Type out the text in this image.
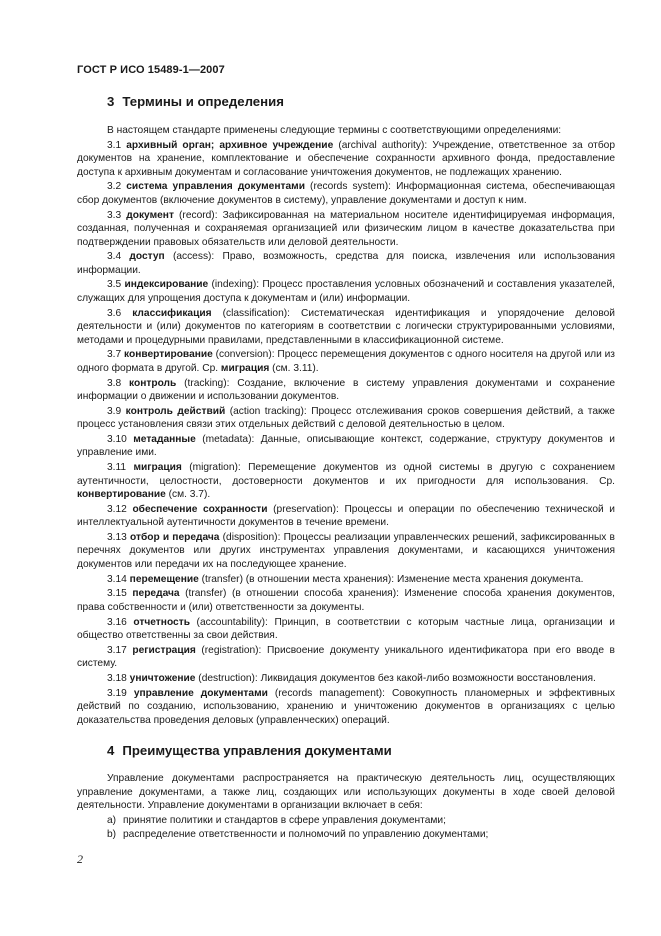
ГОСТ Р ИСО 15489-1—2007
3 Термины и определения

В настоящем стандарте применены следующие термины с соответствующими определениями:

3.1 архивный орган; архивное учреждение (archival authority): Учреждение, ответственное за отбор документов на хранение, комплектование и обеспечение сохранности архивного фонда, предоставление доступа к архивным документам и согласование уничтожения документов, не подлежащих хранению.

3.2 система управления документами (records system): Информационная система, обеспечивающая сбор документов (включение документов в систему), управление документами и доступ к ним.

3.3 документ (record): Зафиксированная на материальном носителе идентифицируемая информация, созданная, полученная и сохраняемая организацией или физическим лицом в качестве доказательства при подтверждении правовых обязательств или деловой деятельности.

3.4 доступ (access): Право, возможность, средства для поиска, извлечения или использования информации.

3.5 индексирование (indexing): Процесс проставления условных обозначений и составления указателей, служащих для упрощения доступа к документам и (или) информации.

3.6 классификация (classification): Систематическая идентификация и упорядочение деловой деятельности и (или) документов по категориям в соответствии с логически структурированными условиями, методами и процедурными правилами, представленными в классификационной системе.

3.7 конвертирование (conversion): Процесс перемещения документов с одного носителя на другой или из одного формата в другой. Ср. миграция (см. 3.11).

3.8 контроль (tracking): Создание, включение в систему управления документами и сохранение информации о движении и использовании документов.

3.9 контроль действий (action tracking): Процесс отслеживания сроков совершения действий, а также процесс установления связи этих отдельных действий с деловой деятельностью в целом.

3.10 метаданные (metadata): Данные, описывающие контекст, содержание, структуру документов и управление ими.

3.11 миграция (migration): Перемещение документов из одной системы в другую с сохранением аутентичности, целостности, достоверности документов и их пригодности для использования. Ср. конвертирование (см. 3.7).

3.12 обеспечение сохранности (preservation): Процессы и операции по обеспечению технической и интеллектуальной аутентичности документов в течение времени.

3.13 отбор и передача (disposition): Процессы реализации управленческих решений, зафиксированных в перечнях документов или других инструментах управления документами, и касающихся уничтожения документов или передачи их на последующее хранение.

3.14 перемещение (transfer) (в отношении места хранения): Изменение места хранения документа.

3.15 передача (transfer) (в отношении способа хранения): Изменение способа хранения документов, права собственности и (или) ответственности за документы.

3.16 отчетность (accountability): Принцип, в соответствии с которым частные лица, организации и общество ответственны за свои действия.

3.17 регистрация (registration): Присвоение документу уникального идентификатора при его вводе в систему.

3.18 уничтожение (destruction): Ликвидация документов без какой-либо возможности восстановления.

3.19 управление документами (records management): Совокупность планомерных и эффективных действий по созданию, использованию, хранению и уничтожению документов в организациях с целью доказательства проведения деловых (управленческих) операций.

4 Преимущества управления документами

Управление документами распространяется на практическую деятельность лиц, осуществляющих управление документами, а также лиц, создающих или использующих документы в ходе своей деловой деятельности. Управление документами в организации включает в себя:

a) принятие политики и стандартов в сфере управления документами;
b) распределение ответственности и полномочий по управлению документами;
2
